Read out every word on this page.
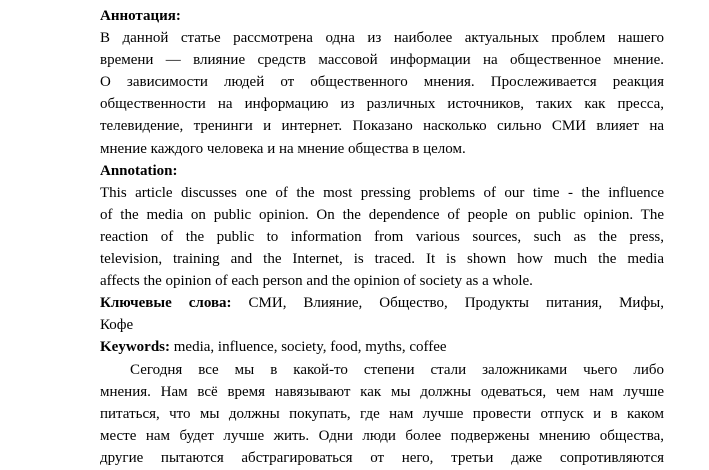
Аннотация:
В данной статье рассмотрена одна из наиболее актуальных проблем нашего
времени — влияние средств массовой информации на общественное мнение.
О зависимости людей от общественного мнения. Прослеживается реакция
общественности на информацию из различных источников, таких как пресса,
телевидение, тренинги и интернет. Показано насколько сильно СМИ влияет на
мнение каждого человека и на мнение общества в целом.
Annotation:
This article discusses one of the most pressing problems of our time - the influence
of the media on public opinion. On the dependence of people on public opinion. The
reaction of the public to information from various sources, such as the press,
television, training and the Internet, is traced. It is shown how much the media
affects the opinion of each person and the opinion of society as a whole.
Ключевые слова: СМИ, Влияние, Общество, Продукты питания, Мифы,
Кофе
Keywords: media, influence, society, food, myths, coffee
Сегодня все мы в какой-то степени стали заложниками чьего либо
мнения. Нам всё время навязывают как мы должны одеваться, чем нам лучше
питаться, что мы должны покупать, где нам лучше провести отпуск и в каком
месте нам будет лучше жить. Одни люди более подвержены мнению общества,
другие пытаются абстрагироваться от него, третьи даже сопротивляются
